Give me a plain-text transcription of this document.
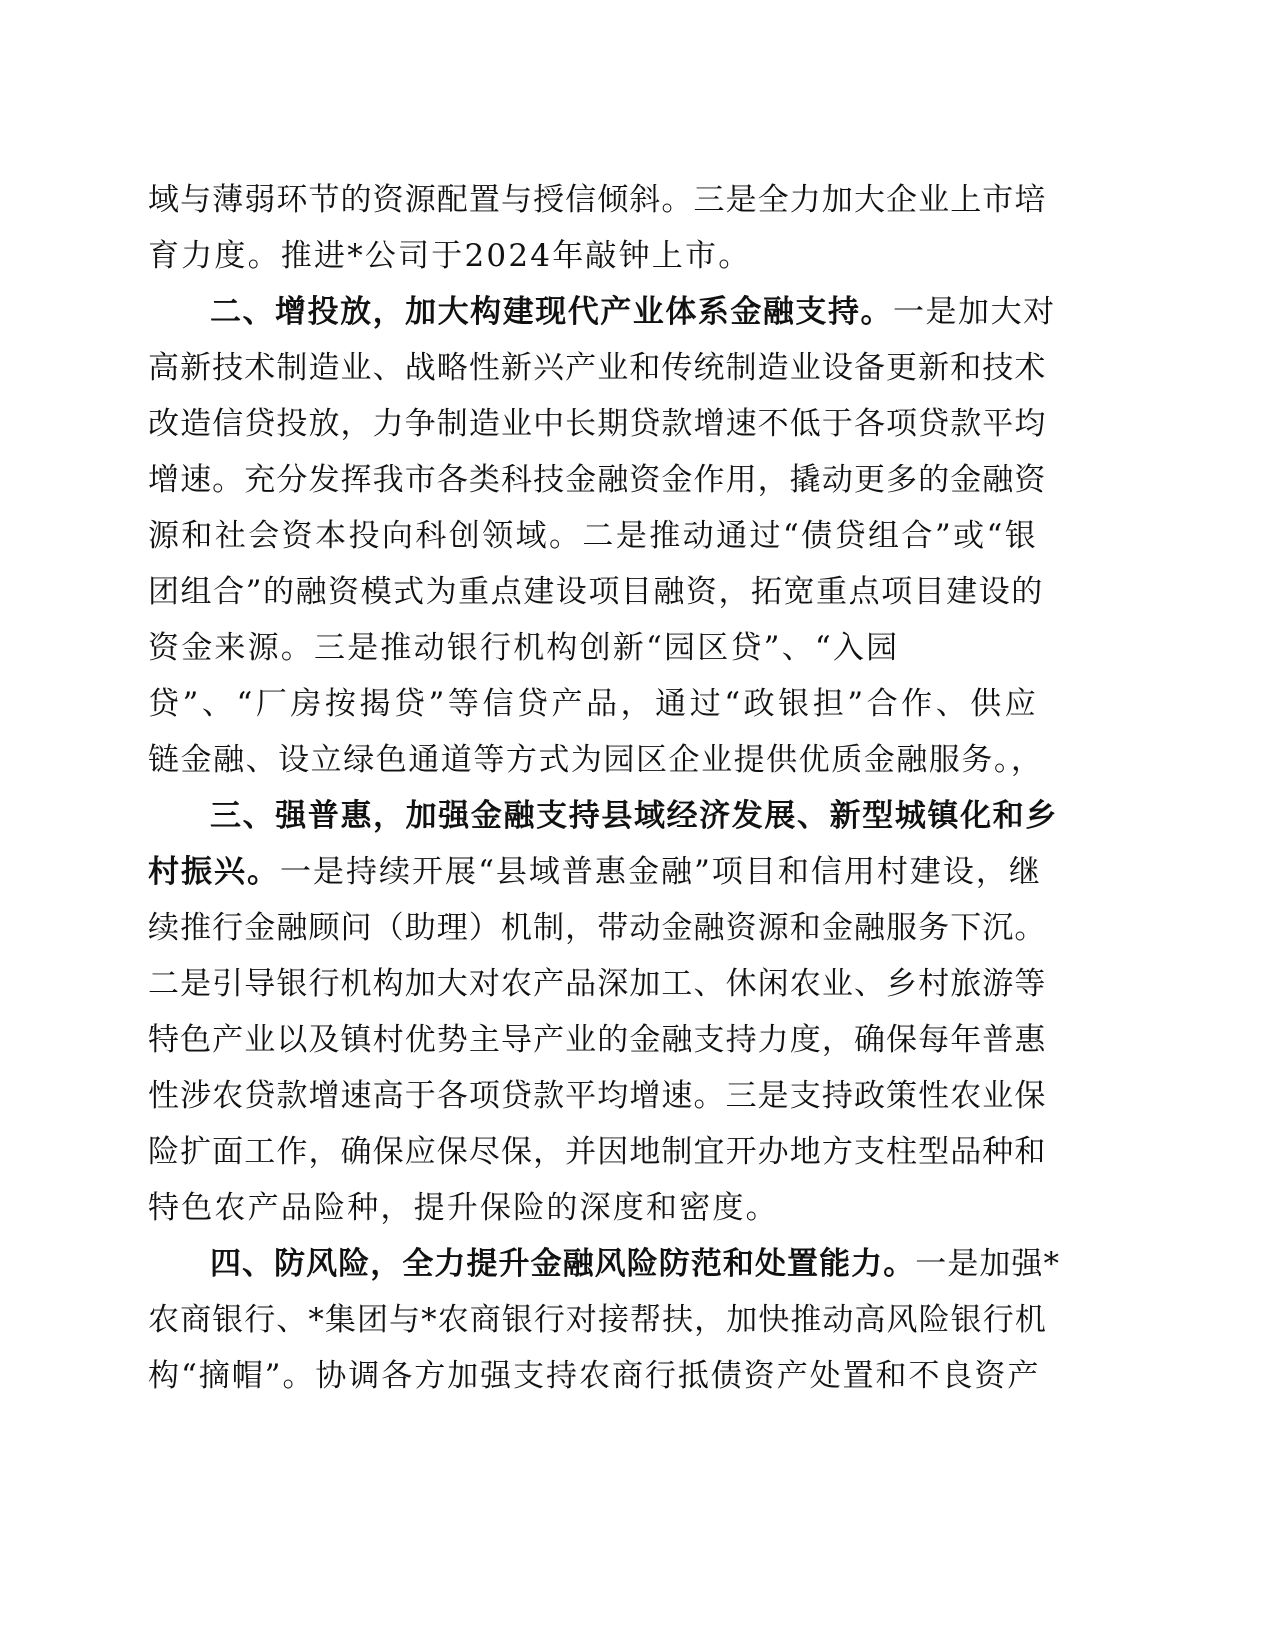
域与薄弱环节的资源配置与授信倾斜。三是全力加大企业上市培
育力度。推进*公司于2024年敲钟上市。
二、增投放，加大构建现代产业体系金融支持。一是加大对
高新技术制造业、战略性新兴产业和传统制造业设备更新和技术
改造信贷投放，力争制造业中长期贷款增速不低于各项贷款平均
增速。充分发挥我市各类科技金融资金作用，撬动更多的金融资
源和社会资本投向科创领域。二是推动通过“债贷组合”或“银
团组合”的融资模式为重点建设项目融资，拓宽重点项目建设的
资金来源。三是推动银行机构创新“园区贷”、“入园
贷”、“厂房按揭贷”等信贷产品，通过“政银担”合作、供应
链金融、设立绿色通道等方式为园区企业提供优质金融服务。，
三、强普惠，加强金融支持县域经济发展、新型城镇化和乡
村振兴。一是持续开展“县域普惠金融”项目和信用村建设，继
续推行金融顾问（助理）机制，带动金融资源和金融服务下沉。
二是引导银行机构加大对农产品深加工、休闲农业、乡村旅游等
特色产业以及镇村优势主导产业的金融支持力度，确保每年普惠
性涉农贷款增速高于各项贷款平均增速。三是支持政策性农业保
险扩面工作，确保应保尽保，并因地制宜开办地方支柱型品种和
特色农产品险种，提升保险的深度和密度。
四、防风险，全力提升金融风险防范和处置能力。一是加强*
农商银行、*集团与*农商银行对接帮扶，加快推动高风险银行机
构“摘帽”。协调各方加强支持农商行抵债资产处置和不良资产
